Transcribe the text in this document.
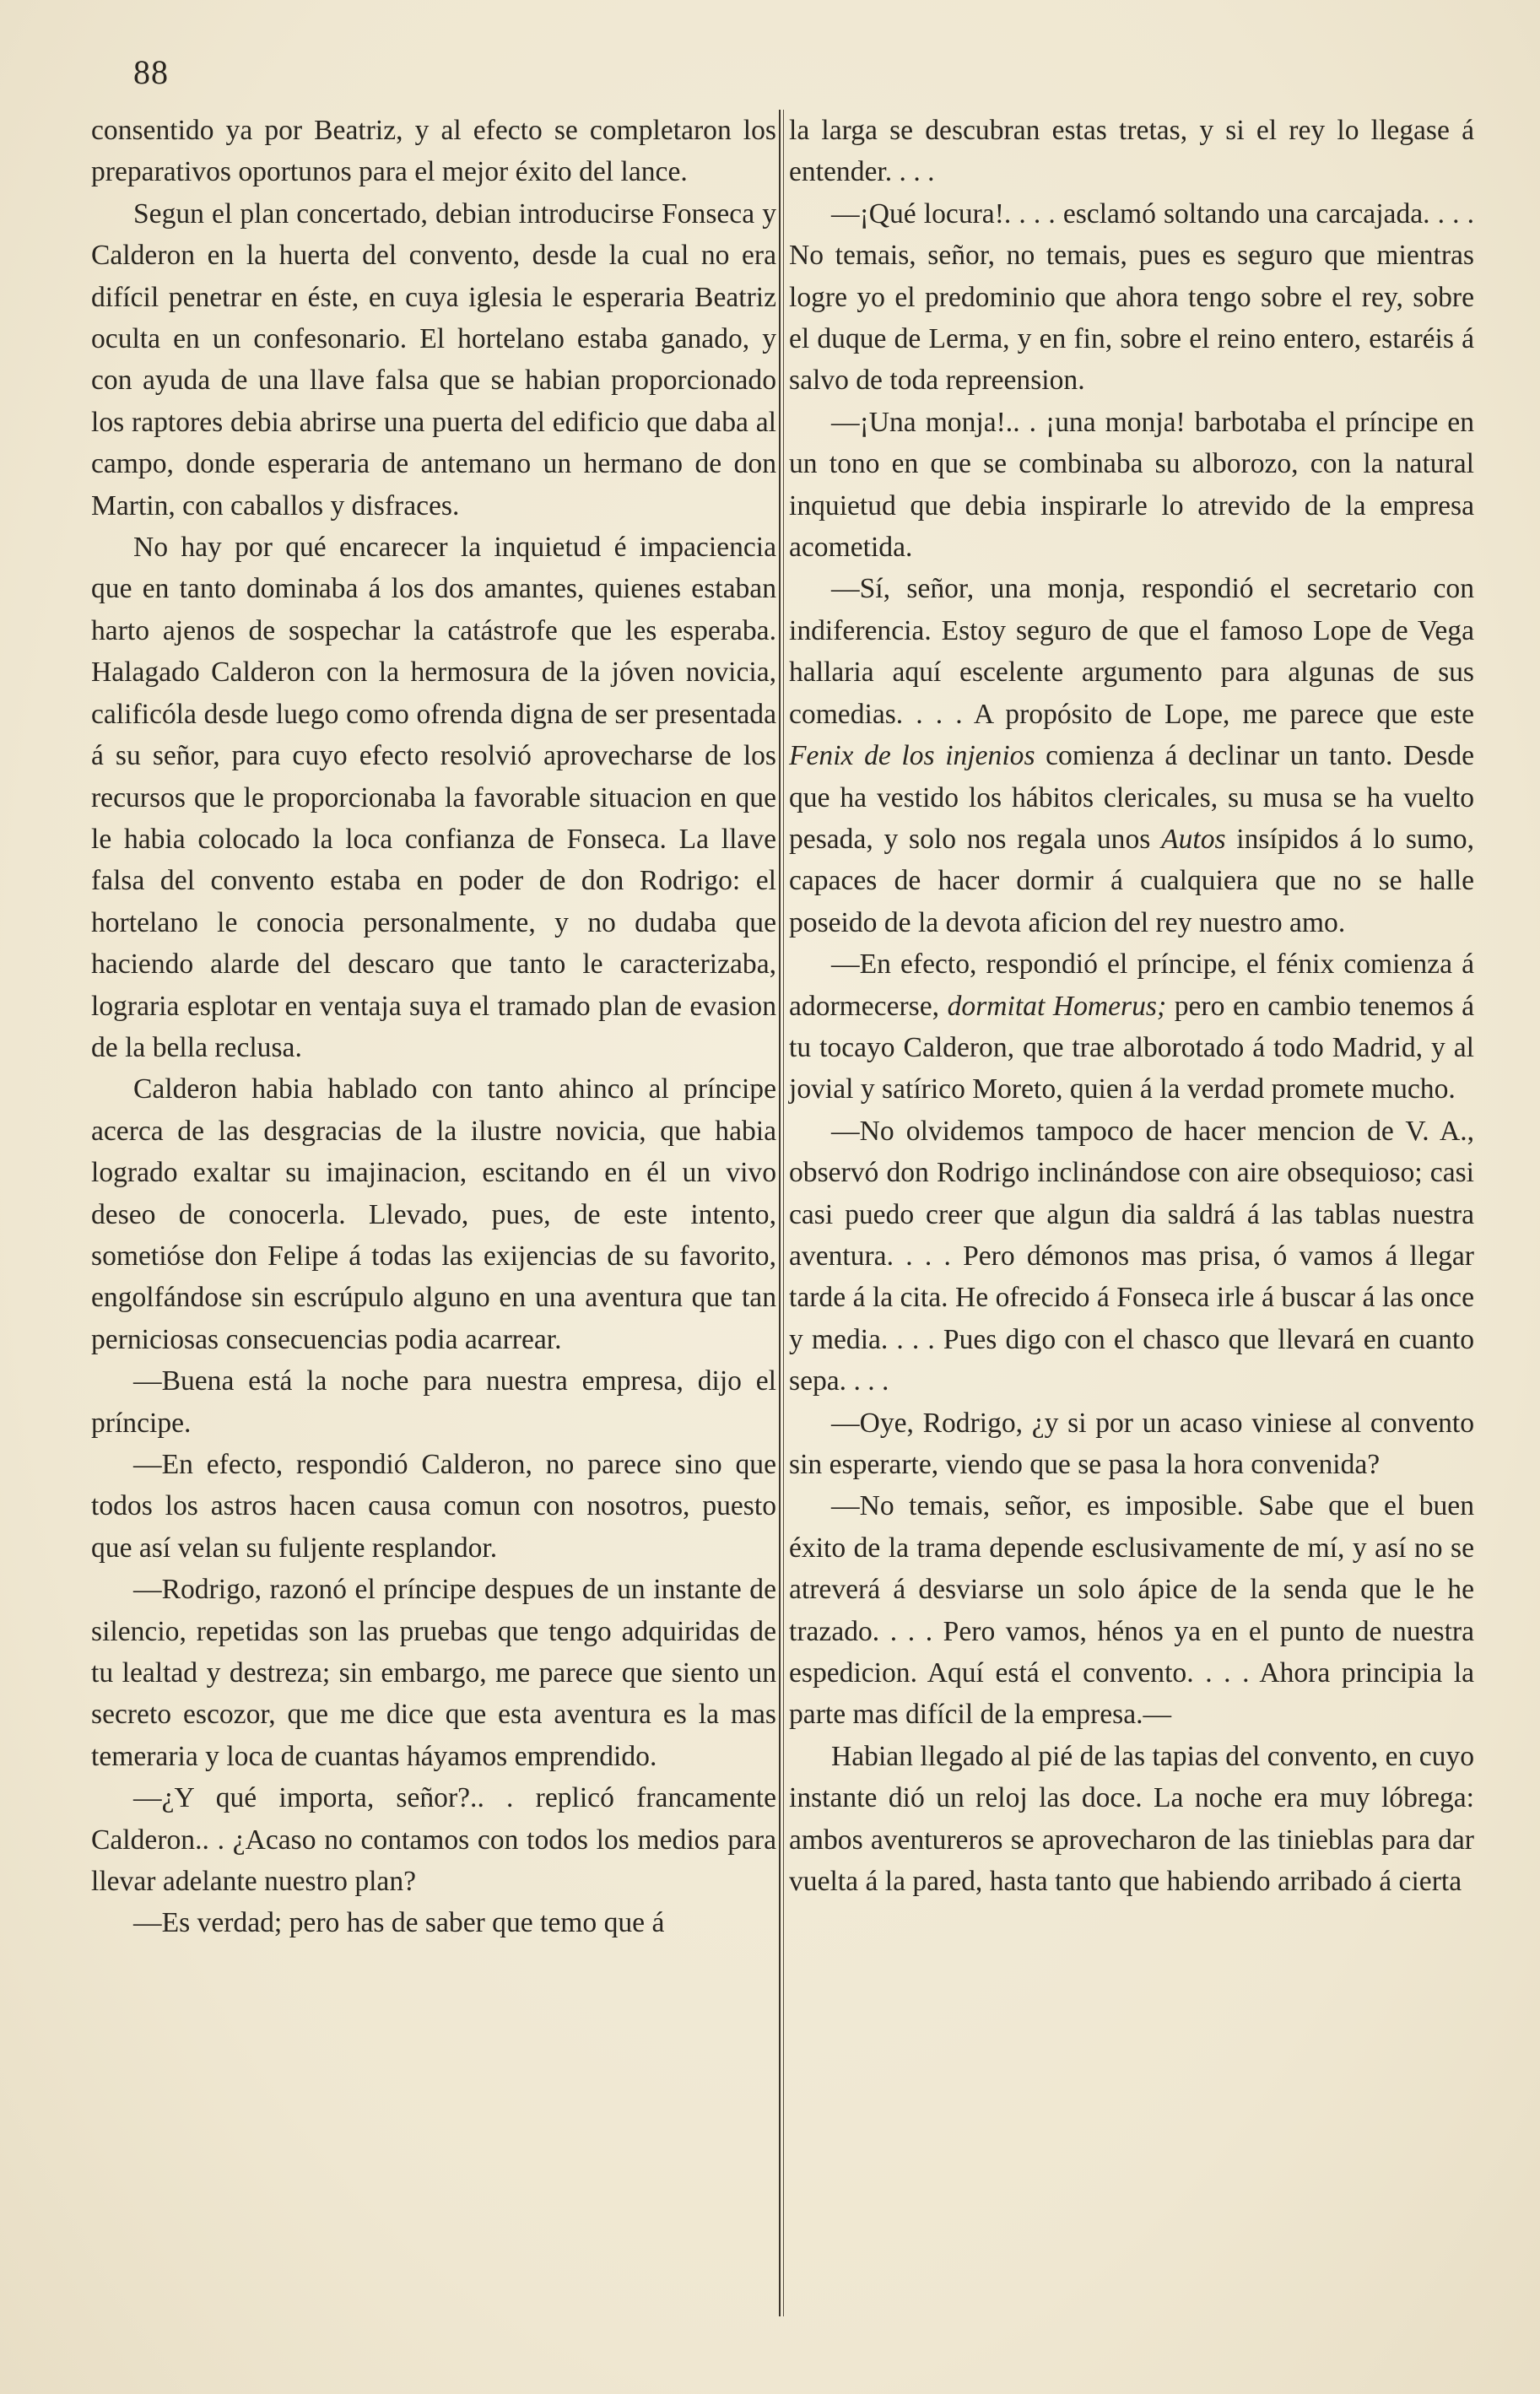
88

consentido ya por Beatriz, y al efecto se completaron los preparativos oportunos para el mejor éxito del lance.

Segun el plan concertado, debian introducirse Fonseca y Calderon en la huerta del convento, desde la cual no era difícil penetrar en éste, en cuya iglesia le esperaria Beatriz oculta en un confesonario. El hortelano estaba ganado, y con ayuda de una llave falsa que se habian proporcionado los raptores debia abrirse una puerta del edificio que daba al campo, donde esperaria de antemano un hermano de don Martin, con caballos y disfraces.

No hay por qué encarecer la inquietud é impaciencia que en tanto dominaba á los dos amantes, quienes estaban harto ajenos de sospechar la catástrofe que les esperaba. Halagado Calderon con la hermosura de la jóven novicia, calificóla desde luego como ofrenda digna de ser presentada á su señor, para cuyo efecto resolvió aprovecharse de los recursos que le proporcionaba la favorable situacion en que le habia colocado la loca confianza de Fonseca. La llave falsa del convento estaba en poder de don Rodrigo: el hortelano le conocia personalmente, y no dudaba que haciendo alarde del descaro que tanto le caracterizaba, lograria esplotar en ventaja suya el tramado plan de evasion de la bella reclusa.

Calderon habia hablado con tanto ahinco al príncipe acerca de las desgracias de la ilustre novicia, que habia logrado exaltar su imajinacion, escitando en él un vivo deseo de conocerla. Llevado, pues, de este intento, sometióse don Felipe á todas las exijencias de su favorito, engolfándose sin escrúpulo alguno en una aventura que tan perniciosas consecuencias podia acarrear.

—Buena está la noche para nuestra empresa, dijo el príncipe.

—En efecto, respondió Calderon, no parece sino que todos los astros hacen causa comun con nosotros, puesto que así velan su fuljente resplandor.

—Rodrigo, razonó el príncipe despues de un instante de silencio, repetidas son las pruebas que tengo adquiridas de tu lealtad y destreza; sin embargo, me parece que siento un secreto escozor, que me dice que esta aventura es la mas temeraria y loca de cuantas háyamos emprendido.

—¿Y qué importa, señor?.. . replicó francamente Calderon.. . ¿Acaso no contamos con todos los medios para llevar adelante nuestro plan?

—Es verdad; pero has de saber que temo que á

la larga se descubran estas tretas, y si el rey lo llegase á entender. . . .

—¡Qué locura!. . . . esclamó soltando una carcajada. . . . No temais, señor, no temais, pues es seguro que mientras logre yo el predominio que ahora tengo sobre el rey, sobre el duque de Lerma, y en fin, sobre el reino entero, estaréis á salvo de toda repreension.

—¡Una monja!.. . ¡una monja! barbotaba el príncipe en un tono en que se combinaba su alborozo, con la natural inquietud que debia inspirarle lo atrevido de la empresa acometida.

—Sí, señor, una monja, respondió el secretario con indiferencia. Estoy seguro de que el famoso Lope de Vega hallaria aquí escelente argumento para algunas de sus comedias. . . . A propósito de Lope, me parece que este Fenix de los injenios comienza á declinar un tanto. Desde que ha vestido los hábitos clericales, su musa se ha vuelto pesada, y solo nos regala unos Autos insípidos á lo sumo, capaces de hacer dormir á cualquiera que no se halle poseido de la devota aficion del rey nuestro amo.

—En efecto, respondió el príncipe, el fénix comienza á adormecerse, dormitat Homerus; pero en cambio tenemos á tu tocayo Calderon, que trae alborotado á todo Madrid, y al jovial y satírico Moreto, quien á la verdad promete mucho.

—No olvidemos tampoco de hacer mencion de V. A., observó don Rodrigo inclinándose con aire obsequioso; casi casi puedo creer que algun dia saldrá á las tablas nuestra aventura. . . . Pero démonos mas prisa, ó vamos á llegar tarde á la cita. He ofrecido á Fonseca irle á buscar á las once y media. . . . Pues digo con el chasco que llevará en cuanto sepa. . . .

—Oye, Rodrigo, ¿y si por un acaso viniese al convento sin esperarte, viendo que se pasa la hora convenida?

—No temais, señor, es imposible. Sabe que el buen éxito de la trama depende esclusivamente de mí, y así no se atreverá á desviarse un solo ápice de la senda que le he trazado. . . . Pero vamos, hénos ya en el punto de nuestra espedicion. Aquí está el convento. . . . Ahora principia la parte mas difícil de la empresa.—

Habian llegado al pié de las tapias del convento, en cuyo instante dió un reloj las doce. La noche era muy lóbrega: ambos aventureros se aprovecharon de las tinieblas para dar vuelta á la pared, hasta tanto que habiendo arribado á cierta
